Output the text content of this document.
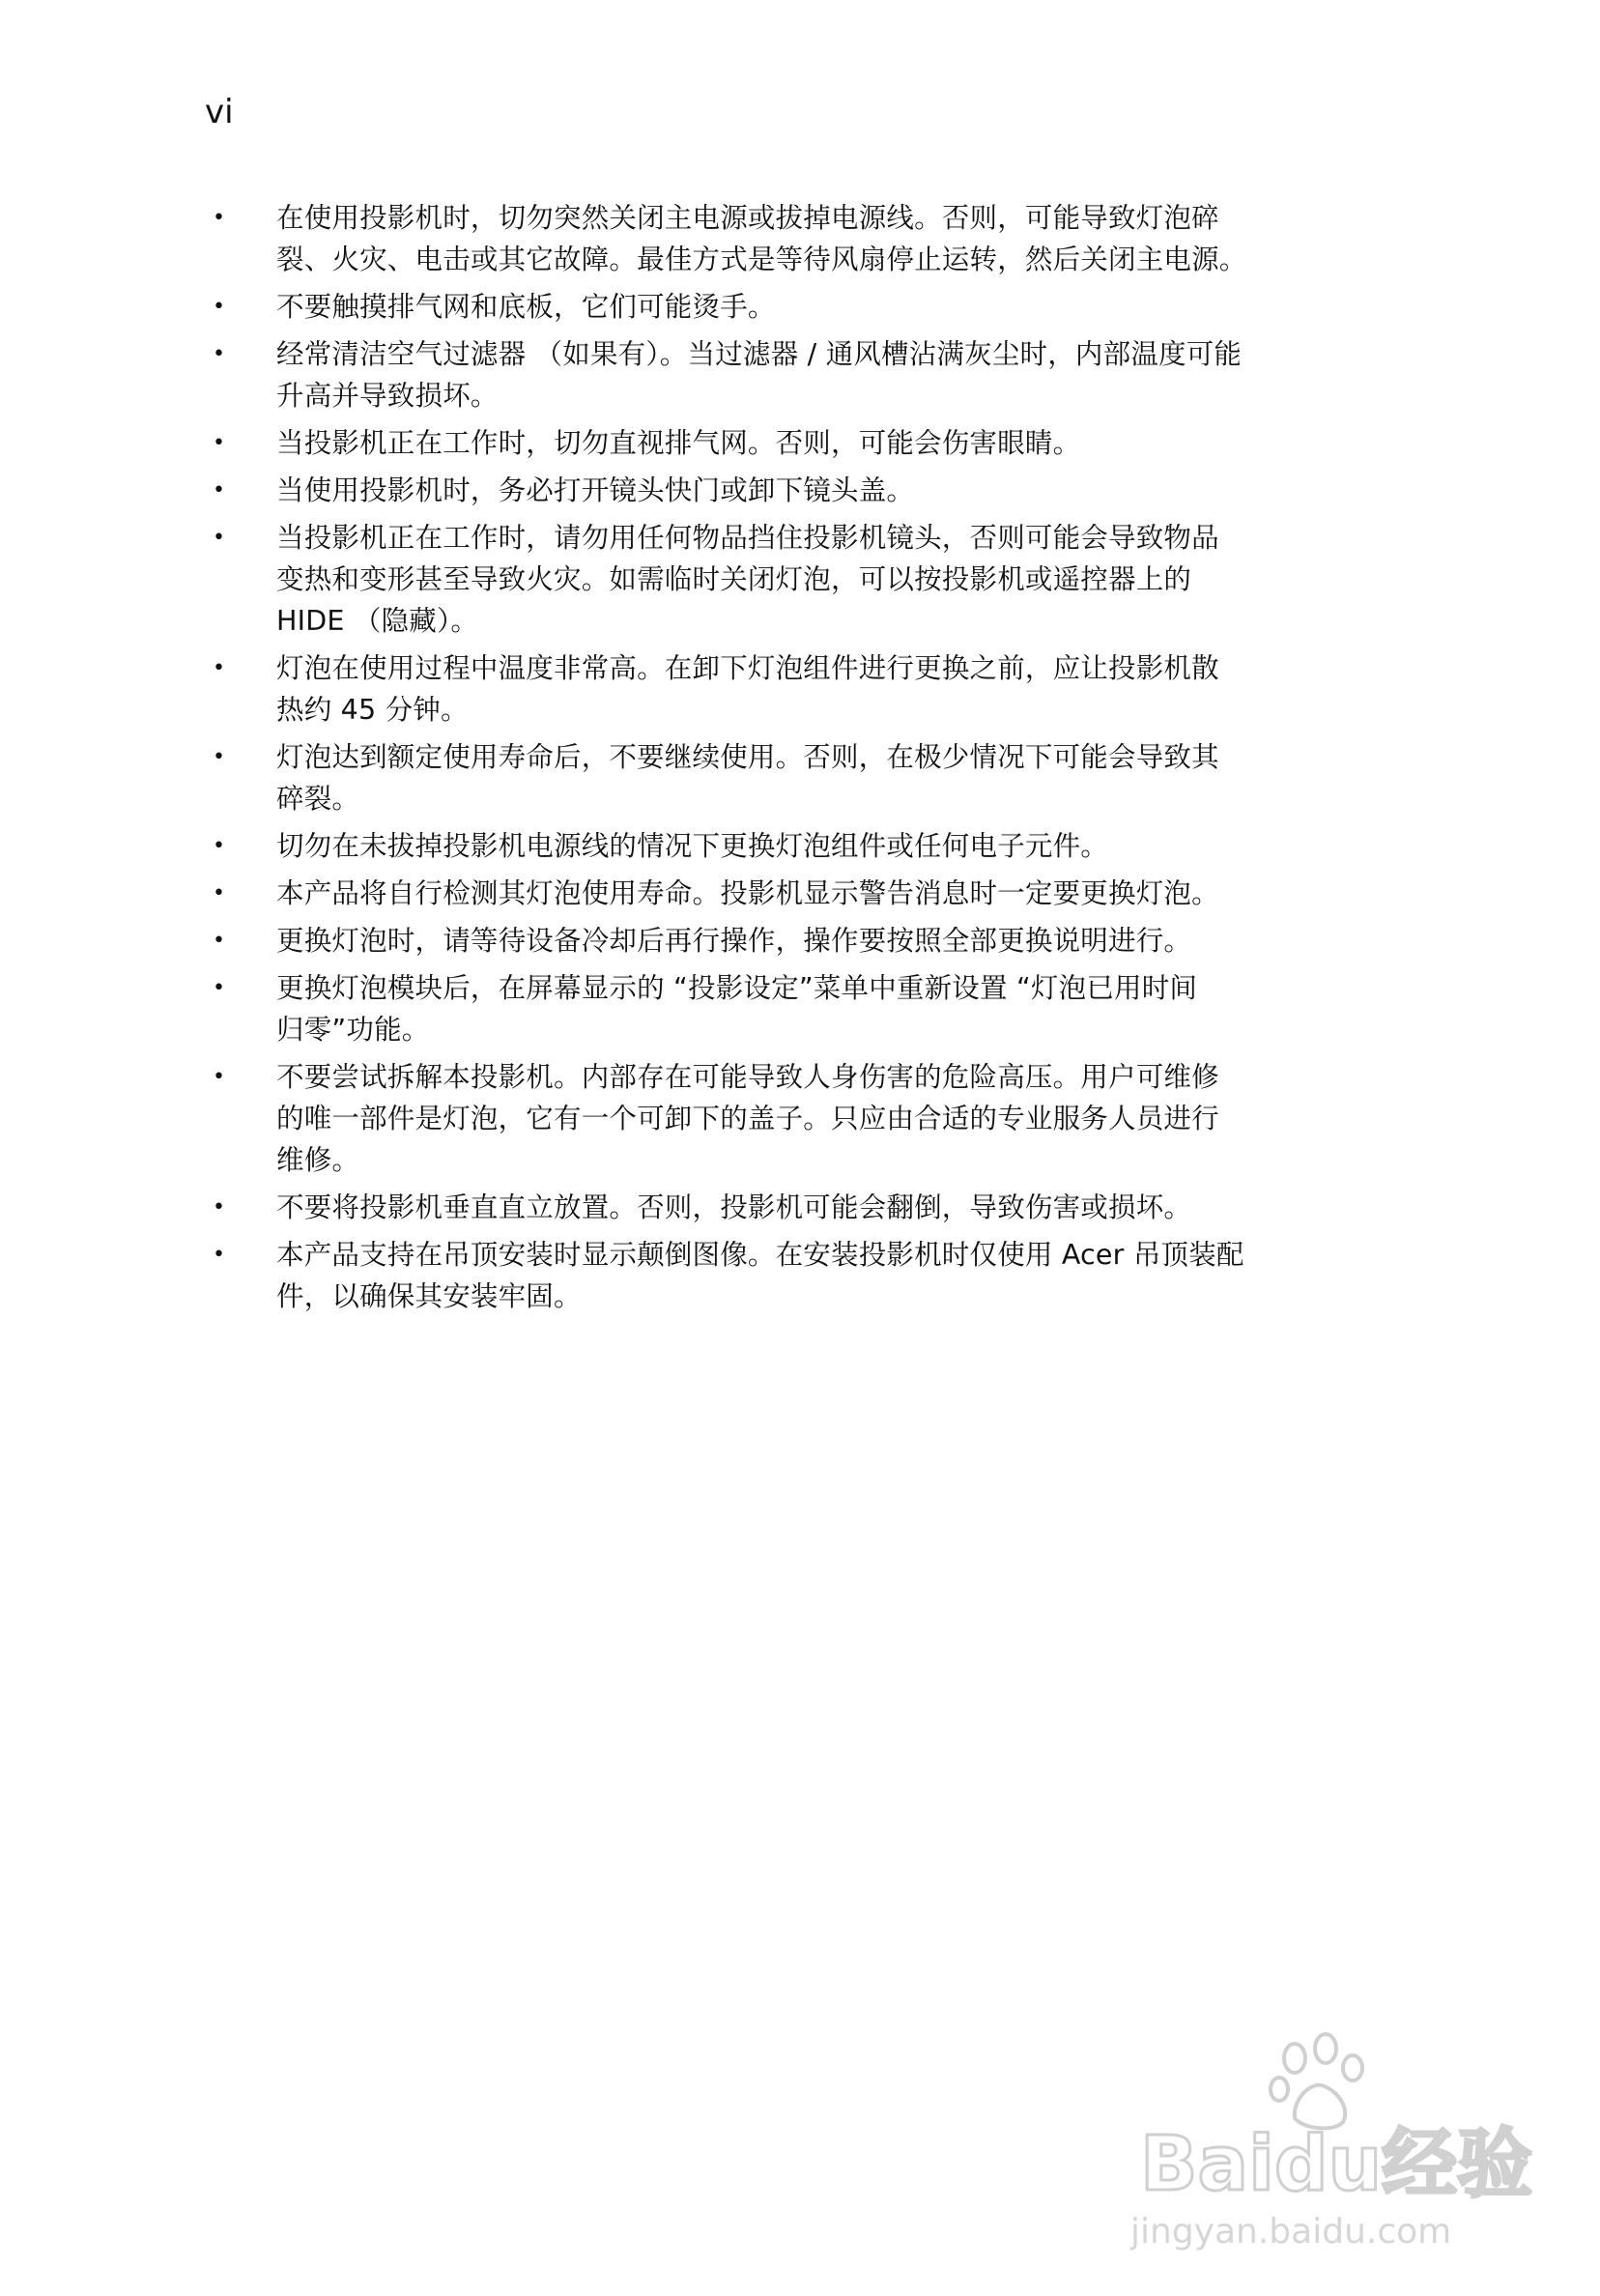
vi
• 在使用投影机时，切勿突然关闭主电源或拔掉电源线。否则，可能导致灯泡碎
裂、火灾、电击或其它故障。最佳方式是等待风扇停止运转，然后关闭主电源。
• 不要触摸排气网和底板，它们可能烫手。
• 经常清洁空气过滤器 （如果有）。当过滤器 / 通风槽沾满灰尘时，内部温度可能
升高并导致损坏。
• 当投影机正在工作时，切勿直视排气网。否则，可能会伤害眼睛。
• 当使用投影机时，务必打开镜头快门或卸下镜头盖。
• 当投影机正在工作时，请勿用任何物品挡住投影机镜头，否则可能会导致物品
变热和变形甚至导致火灾。如需临时关闭灯泡，可以按投影机或遥控器上的
HIDE （隐藏）。
• 灯泡在使用过程中温度非常高。在卸下灯泡组件进行更换之前，应让投影机散
热约 45 分钟。
• 灯泡达到额定使用寿命后，不要继续使用。否则，在极少情况下可能会导致其
碎裂。
• 切勿在未拔掉投影机电源线的情况下更换灯泡组件或任何电子元件。
• 本产品将自行检测其灯泡使用寿命。投影机显示警告消息时一定要更换灯泡。
• 更换灯泡时，请等待设备冷却后再行操作，操作要按照全部更换说明进行。
• 更换灯泡模块后，在屏幕显示的 “投影设定”菜单中重新设置 “灯泡已用时间
归零”功能。
• 不要尝试拆解本投影机。内部存在可能导致人身伤害的危险高压。用户可维修
的唯一部件是灯泡，它有一个可卸下的盖子。只应由合适的专业服务人员进行
维修。
• 不要将投影机垂直直立放置。否则，投影机可能会翻倒，导致伤害或损坏。
• 本产品支持在吊顶安装时显示颠倒图像。在安装投影机时仅使用 Acer 吊顶装配
件，以确保其安装牢固。
Baidu经验
jingyan.baidu.com
